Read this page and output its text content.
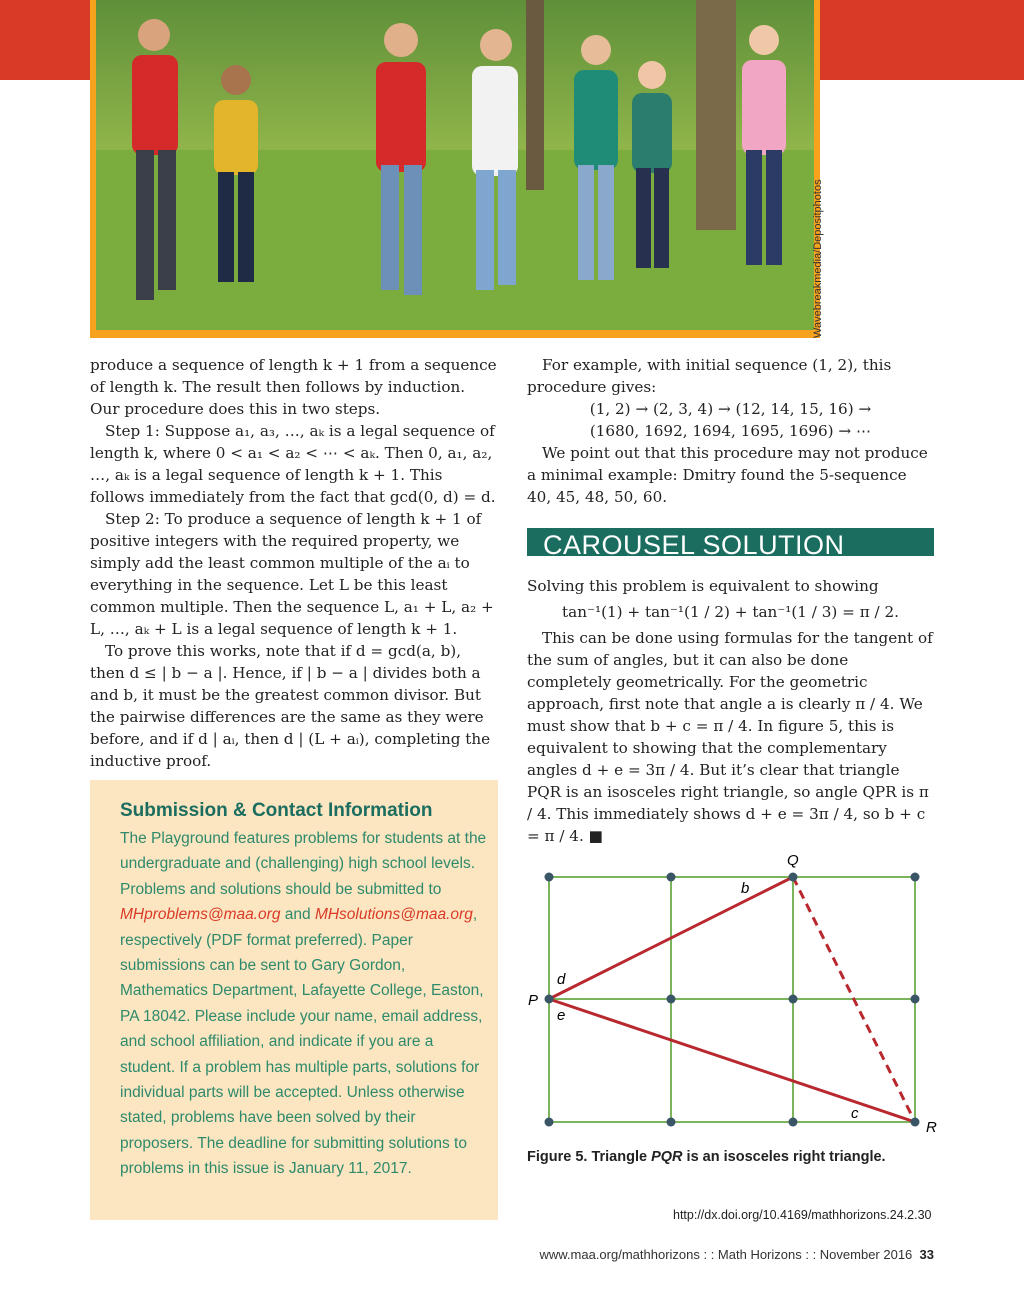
Wavebreakmedia/Depositphotos

produce a sequence of length k + 1 from a sequence of length k. The result then follows by induction. Our procedure does this in two steps.

Step 1: Suppose a₁, a₃, …, aₖ is a legal sequence of length k, where 0 < a₁ < a₂ < ⋯ < aₖ. Then 0, a₁, a₂, …, aₖ is a legal sequence of length k + 1. This follows immediately from the fact that gcd(0, d) = d.

Step 2: To produce a sequence of length k + 1 of positive integers with the required property, we simply add the least common multiple of the aᵢ to everything in the sequence. Let L be this least common multiple. Then the sequence L, a₁ + L, a₂ + L, …, aₖ + L is a legal sequence of length k + 1.

To prove this works, note that if d = gcd(a, b), then d ≤ | b − a |. Hence, if | b − a | divides both a and b, it must be the greatest common divisor. But the pairwise differences are the same as they were before, and if d | aᵢ, then d | (L + aᵢ), completing the inductive proof.

For example, with initial sequence (1, 2), this procedure gives:

(1, 2) → (2, 3, 4) → (12, 14, 15, 16) →

(1680, 1692, 1694, 1695, 1696) → ⋯

We point out that this procedure may not produce a minimal example: Dmitry found the 5-sequence 40, 45, 48, 50, 60.

CAROUSEL SOLUTION

Solving this problem is equivalent to showing

tan⁻¹(1) + tan⁻¹(1 / 2) + tan⁻¹(1 / 3) = π / 2.

This can be done using formulas for the tangent of the sum of angles, but it can also be done completely geometrically. For the geometric approach, first note that angle a is clearly π / 4. We must show that b + c = π / 4. In figure 5, this is equivalent to showing that the complementary angles d + e = 3π / 4. But it’s clear that triangle PQR is an isosceles right triangle, so angle QPR is π / 4. This immediately shows d + e = 3π / 4, so b + c = π / 4. ■

Submission & Contact Information
The Playground features problems for students at the undergraduate and (challenging) high school levels. Problems and solutions should be submitted to MHproblems@maa.org and MHsolutions@maa.org, respectively (PDF format preferred). Paper submissions can be sent to Gary Gordon, Mathematics Department, Lafayette College, Easton, PA 18042. Please include your name, email address, and school affiliation, and indicate if you are a student. If a problem has multiple parts, solutions for individual parts will be accepted. Unless otherwise stated, problems have been solved by their proposers. The deadline for submitting solutions to problems in this issue is January 11, 2017.
Q
P
R
b
c
d
e
Figure 5. Triangle PQR is an isosceles right triangle.
http://dx.doi.org/10.4169/mathhorizons.24.2.30
www.maa.org/mathhorizons : : Math Horizons : : November 2016 33
